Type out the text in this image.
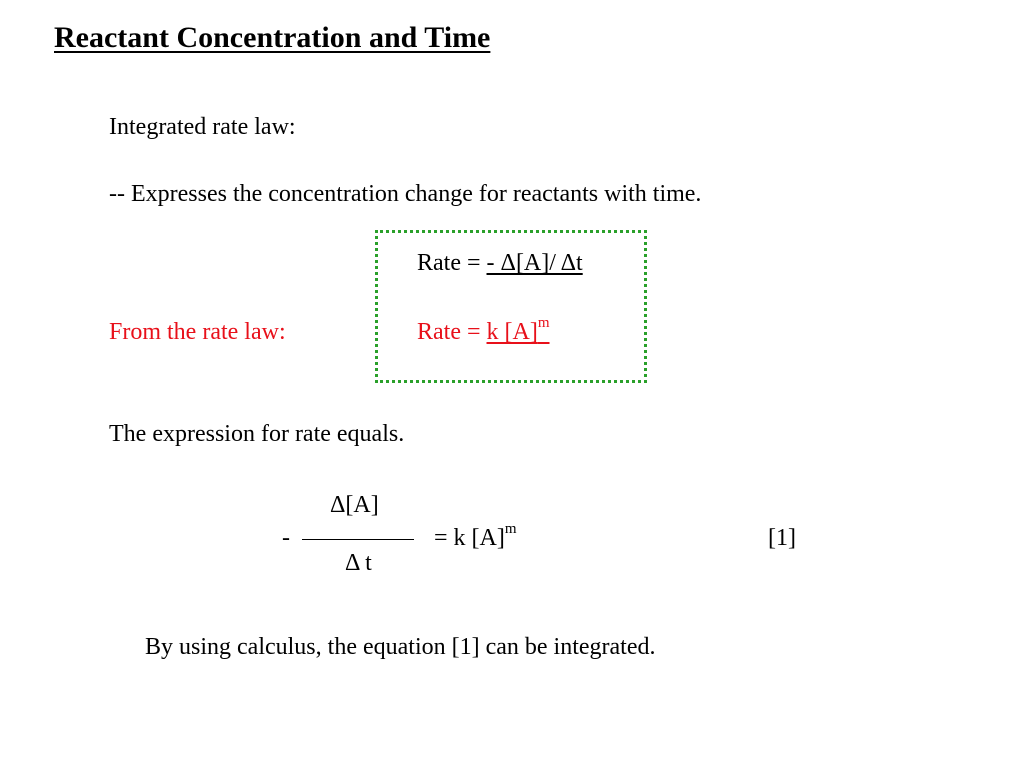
Reactant Concentration and Time
Integrated rate law:
-- Expresses the concentration change for reactants with time.
Rate = - Δ[A]/ Δt
From the rate law:	Rate = k $[A]^m$
The expression for rate equals.
-
Δ[A]
Δ t
= k $[A]^m$	[1]
By using calculus, the equation [1] can be integrated.
